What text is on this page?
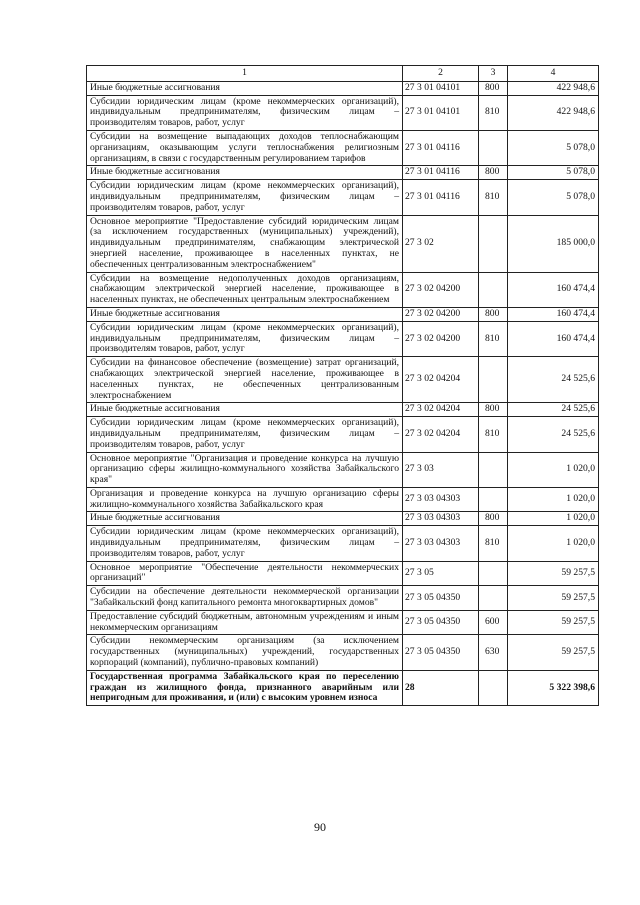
1	2	3	4
Иные бюджетные ассигнования	27 3 01 04101	800	422 948,6
Субсидии юридическим лицам (кроме некоммерческих организаций), индивидуальным предпринимателям, физическим лицам – производителям товаров, работ, услуг	27 3 01 04101	810	422 948,6
Субсидии на возмещение выпадающих доходов теплоснабжающим организациям, оказывающим услуги теплоснабжения религиозным организациям, в связи с государственным регулированием тарифов	27 3 01 04116		5 078,0
Иные бюджетные ассигнования	27 3 01 04116	800	5 078,0
Субсидии юридическим лицам (кроме некоммерческих организаций), индивидуальным предпринимателям, физическим лицам – производителям товаров, работ, услуг	27 3 01 04116	810	5 078,0
Основное мероприятие "Предоставление субсидий юридическим лицам (за исключением государственных (муниципальных) учреждений), индивидуальным предпринимателям, снабжающим электрической энергией население, проживающее в населенных пунктах, не обеспеченных централизованным электроснабжением"	27 3 02		185 000,0
Субсидии на возмещение недополученных доходов организациям, снабжающим электрической энергией население, проживающее в населенных пунктах, не обеспеченных центральным электроснабжением	27 3 02 04200		160 474,4
Иные бюджетные ассигнования	27 3 02 04200	800	160 474,4
Субсидии юридическим лицам (кроме некоммерческих организаций), индивидуальным предпринимателям, физическим лицам – производителям товаров, работ, услуг	27 3 02 04200	810	160 474,4
Субсидии на финансовое обеспечение (возмещение) затрат организаций, снабжающих электрической энергией население, проживающее в населенных пунктах, не обеспеченных централизованным электроснабжением	27 3 02 04204		24 525,6
Иные бюджетные ассигнования	27 3 02 04204	800	24 525,6
Субсидии юридическим лицам (кроме некоммерческих организаций), индивидуальным предпринимателям, физическим лицам – производителям товаров, работ, услуг	27 3 02 04204	810	24 525,6
Основное мероприятие "Организация и проведение конкурса на лучшую организацию сферы жилищно-коммунального хозяйства Забайкальского края"	27 3 03		1 020,0
Организация и проведение конкурса на лучшую организацию сферы жилищно-коммунального хозяйства Забайкальского края	27 3 03 04303		1 020,0
Иные бюджетные ассигнования	27 3 03 04303	800	1 020,0
Субсидии юридическим лицам (кроме некоммерческих организаций), индивидуальным предпринимателям, физическим лицам – производителям товаров, работ, услуг	27 3 03 04303	810	1 020,0
Основное мероприятие "Обеспечение деятельности некоммерческих организаций"	27 3 05		59 257,5
Субсидии на обеспечение деятельности некоммерческой организации "Забайкальский фонд капитального ремонта многоквартирных домов"	27 3 05 04350		59 257,5
Предоставление субсидий бюджетным, автономным учреждениям и иным некоммерческим организациям	27 3 05 04350	600	59 257,5
Субсидии некоммерческим организациям (за исключением государственных (муниципальных) учреждений, государственных корпораций (компаний), публично-правовых компаний)	27 3 05 04350	630	59 257,5
Государственная программа Забайкальского края по переселению граждан из жилищного фонда, признанного аварийным или непригодным для проживания, и (или) с высоким уровнем износа	28		5 322 398,6
90
